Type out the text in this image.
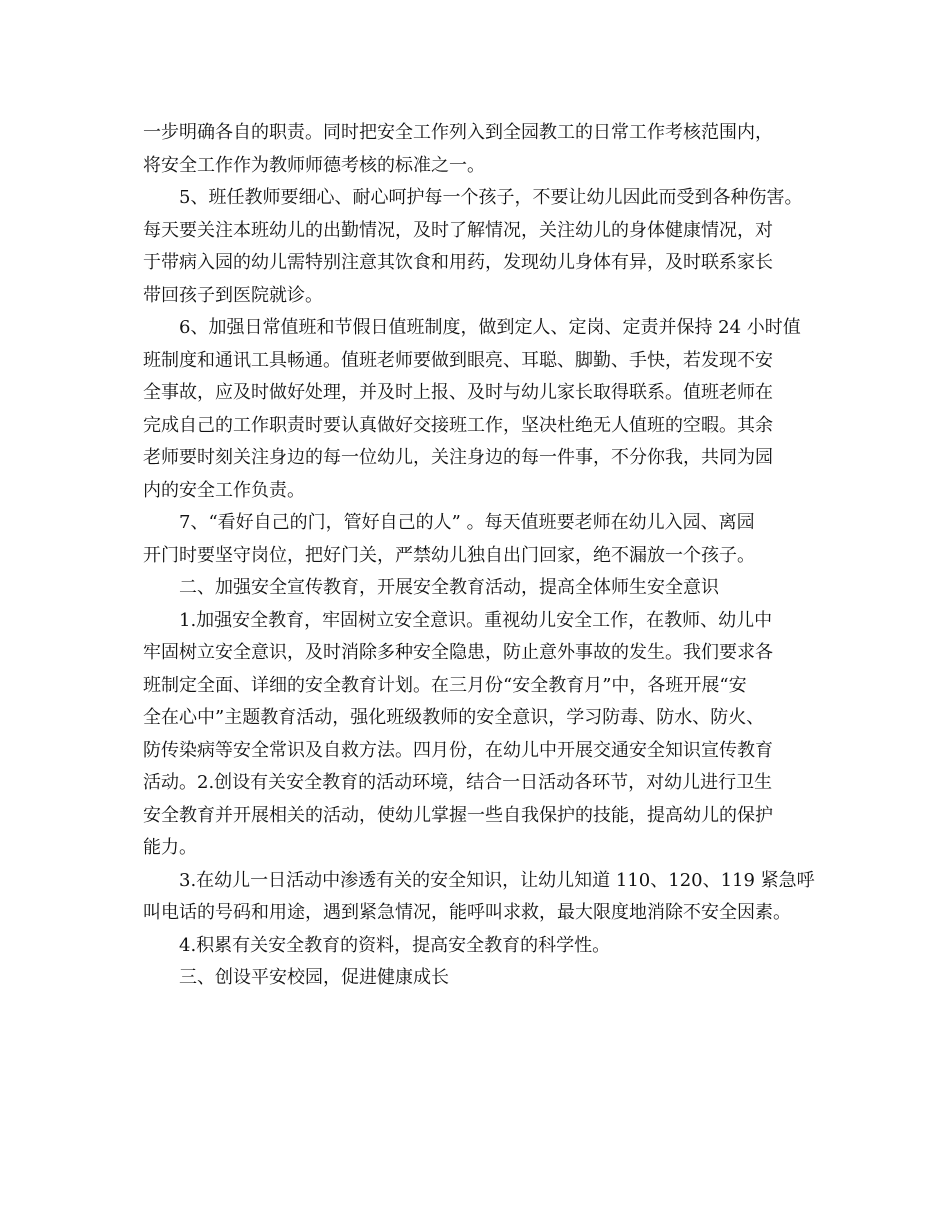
一步明确各自的职责。同时把安全工作列入到全园教工的日常工作考核范围内，
将安全工作作为教师师德考核的标准之一。
5、班任教师要细心、耐心呵护每一个孩子，不要让幼儿因此而受到各种伤害。
每天要关注本班幼儿的出勤情况，及时了解情况，关注幼儿的身体健康情况，对
于带病入园的幼儿需特别注意其饮食和用药，发现幼儿身体有异，及时联系家长
带回孩子到医院就诊。
6、加强日常值班和节假日值班制度，做到定人、定岗、定责并保持 24 小时值
班制度和通讯工具畅通。值班老师要做到眼亮、耳聪、脚勤、手快，若发现不安
全事故，应及时做好处理，并及时上报、及时与幼儿家长取得联系。值班老师在
完成自己的工作职责时要认真做好交接班工作，坚决杜绝无人值班的空暇。其余
老师要时刻关注身边的每一位幼儿，关注身边的每一件事，不分你我，共同为园
内的安全工作负责。
7、“看好自己的门，管好自己的人” 。每天值班要老师在幼儿入园、离园
开门时要坚守岗位，把好门关，严禁幼儿独自出门回家，绝不漏放一个孩子。
二、加强安全宣传教育，开展安全教育活动，提高全体师生安全意识
1.加强安全教育，牢固树立安全意识。重视幼儿安全工作，在教师、幼儿中
牢固树立安全意识，及时消除多种安全隐患，防止意外事故的发生。我们要求各
班制定全面、详细的安全教育计划。在三月份“安全教育月”中，各班开展“安
全在心中”主题教育活动，强化班级教师的安全意识，学习防毒、防水、防火、
防传染病等安全常识及自救方法。四月份，在幼儿中开展交通安全知识宣传教育
活动。2.创设有关安全教育的活动环境，结合一日活动各环节，对幼儿进行卫生
安全教育并开展相关的活动，使幼儿掌握一些自我保护的技能，提高幼儿的保护
能力。
3.在幼儿一日活动中渗透有关的安全知识，让幼儿知道 110、120、119 紧急呼
叫电话的号码和用途，遇到紧急情况，能呼叫求救，最大限度地消除不安全因素。
4.积累有关安全教育的资料，提高安全教育的科学性。
三、创设平安校园，促进健康成长
